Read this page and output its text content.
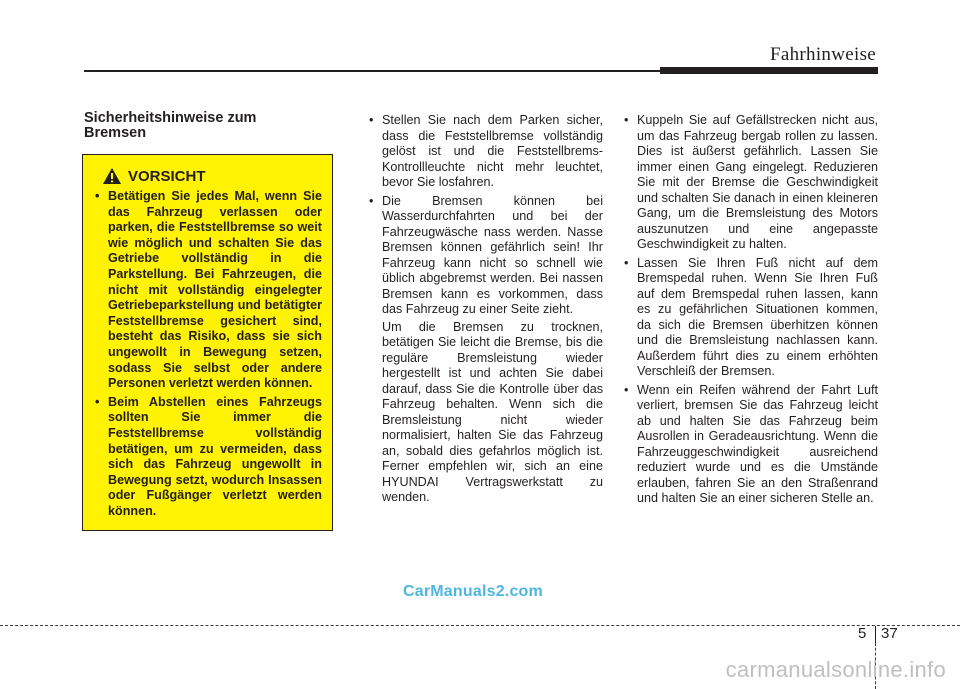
Fahrhinweise
Sicherheitshinweise zum Bremsen
VORSICHT
• Betätigen Sie jedes Mal, wenn Sie das Fahrzeug verlassen oder parken, die Feststellbremse so weit wie möglich und schalten Sie das Getriebe vollständig in die Parkstellung. Bei Fahrzeugen, die nicht mit vollständig eingelegter Getriebeparkstellung und betätigter Feststellbremse gesichert sind, besteht das Risiko, dass sie sich ungewollt in Bewegung setzen, sodass Sie selbst oder andere Personen verletzt werden können.
• Beim Abstellen eines Fahrzeugs sollten Sie immer die Feststellbremse vollständig betätigen, um zu vermeiden, dass sich das Fahrzeug ungewollt in Bewegung setzt, wodurch Insassen oder Fußgänger verletzt werden können.
• Stellen Sie nach dem Parken sicher, dass die Feststellbremse vollständig gelöst ist und die Feststellbrems-Kontrollleuchte nicht mehr leuchtet, bevor Sie losfahren.
• Die Bremsen können bei Wasserdurchfahrten und bei der Fahrzeugwäsche nass werden. Nasse Bremsen können gefährlich sein! Ihr Fahrzeug kann nicht so schnell wie üblich abgebremst werden. Bei nassen Bremsen kann es vorkommen, dass das Fahrzeug zu einer Seite zieht.

Um die Bremsen zu trocknen, betätigen Sie leicht die Bremse, bis die reguläre Bremsleistung wieder hergestellt ist und achten Sie dabei darauf, dass Sie die Kontrolle über das Fahrzeug behalten. Wenn sich die Bremsleistung nicht wieder normalisiert, halten Sie das Fahrzeug an, sobald dies gefahrlos möglich ist. Ferner empfehlen wir, sich an eine HYUNDAI Vertragswerkstatt zu wenden.

• Kuppeln Sie auf Gefällstrecken nicht aus, um das Fahrzeug bergab rollen zu lassen. Dies ist äußerst gefährlich. Lassen Sie immer einen Gang eingelegt. Reduzieren Sie mit der Bremse die Geschwindigkeit und schalten Sie danach in einen kleineren Gang, um die Bremsleistung des Motors auszunutzen und eine angepasste Geschwindigkeit zu halten.
• Lassen Sie Ihren Fuß nicht auf dem Bremspedal ruhen. Wenn Sie Ihren Fuß auf dem Bremspedal ruhen lassen, kann es zu gefährlichen Situationen kommen, da sich die Bremsen überhitzen können und die Bremsleistung nachlassen kann. Außerdem führt dies zu einem erhöhten Verschleiß der Bremsen.
• Wenn ein Reifen während der Fahrt Luft verliert, bremsen Sie das Fahrzeug leicht ab und halten Sie das Fahrzeug beim Ausrollen in Geradeausrichtung. Wenn die Fahrzeuggeschwindigkeit ausreichend reduziert wurde und es die Umstände erlauben, fahren Sie an den Straßenrand und halten Sie an einer sicheren Stelle an.
CarManuals2.com
5 37
carmanualsonline.info
